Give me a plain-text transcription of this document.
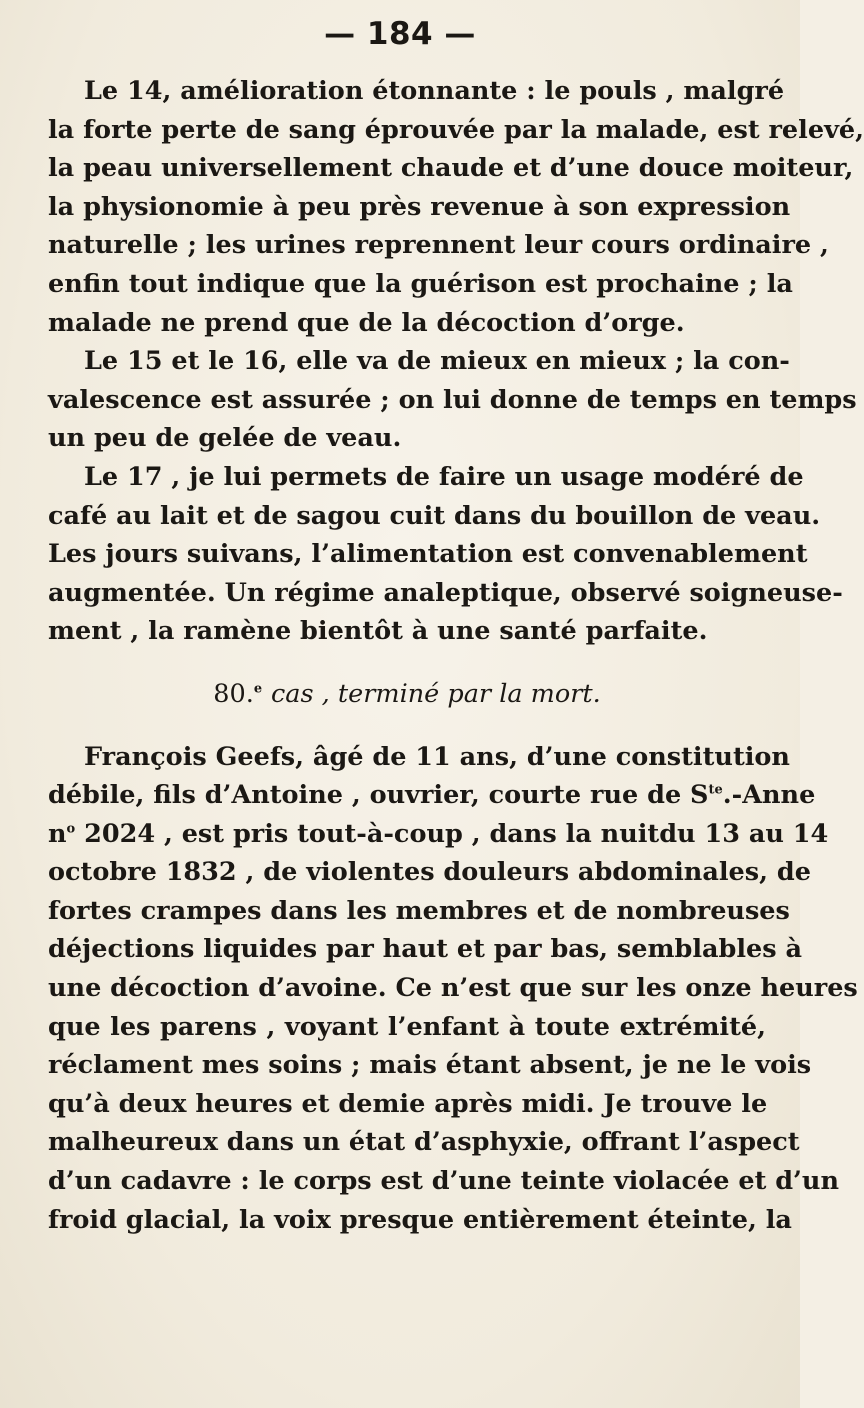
— 184 —
Le 14, amélioration étonnante : le pouls , malgré
la forte perte de sang éprouvée par la malade, est relevé,
la peau universellement chaude et d’une douce moiteur,
la physionomie à peu près revenue à son expression
naturelle ; les urines reprennent leur cours ordinaire ,
enfin tout indique que la guérison est prochaine ; la
malade ne prend que de la décoction d’orge.
Le 15 et le 16, elle va de mieux en mieux ; la con-
valescence est assurée ; on lui donne de temps en temps
un peu de gelée de veau.
Le 17 , je lui permets de faire un usage modéré de
café au lait et de sagou cuit dans du bouillon de veau.
Les jours suivans, l’alimentation est convenablement
augmentée. Un régime analeptique, observé soigneuse-
ment , la ramène bientôt à une santé parfaite.
80.$^e$ cas , terminé par la mort.
François Geefs, âgé de 11 ans, d’une constitution
débile, fils d’Antoine , ouvrier, courte rue de $S^{te}$.-Anne
$n^o$ 2024 , est pris tout-à-coup , dans la nuitdu 13 au 14
octobre 1832 , de violentes douleurs abdominales, de
fortes crampes dans les membres et de nombreuses
déjections liquides par haut et par bas, semblables à
une décoction d’avoine. Ce n’est que sur les onze heures
que les parens , voyant l’enfant à toute extrémité,
réclament mes soins ; mais étant absent, je ne le vois
qu’à deux heures et demie après midi. Je trouve le
malheureux dans un état d’asphyxie, offrant l’aspect
d’un cadavre : le corps est d’une teinte violacée et d’un
froid glacial, la voix presque entièrement éteinte, la
